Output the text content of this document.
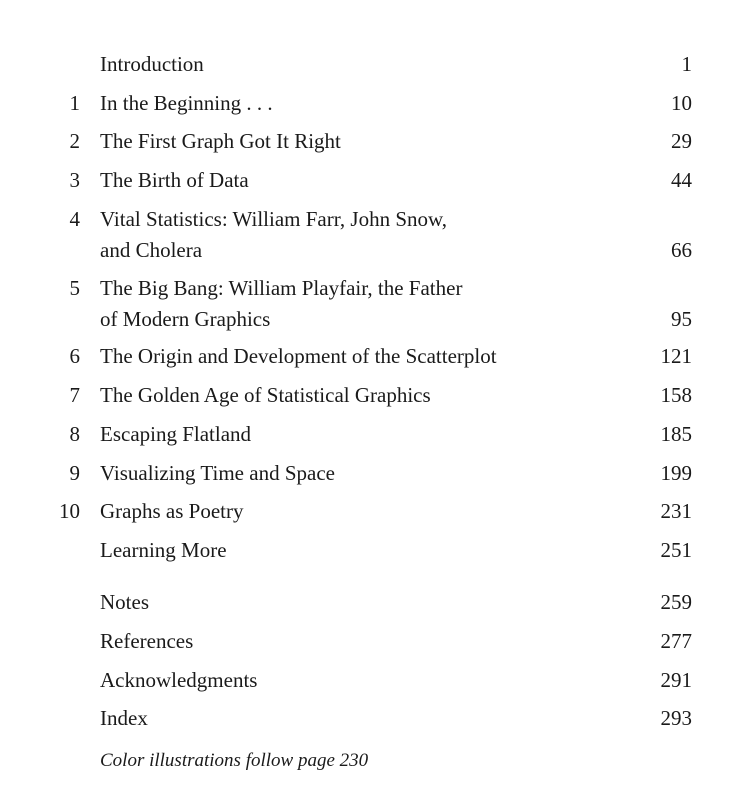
Introduction	1
1 In the Beginning . . .	10
2 The First Graph Got It Right	29
3 The Birth of Data	44
4 Vital Statistics: William Farr, John Snow,
and Cholera	66
5 The Big Bang: William Playfair, the Father
of Modern Graphics	95
6 The Origin and Development of the Scatterplot	121
7 The Golden Age of Statistical Graphics	158
8 Escaping Flatland	185
9 Visualizing Time and Space	199
10 Graphs as Poetry	231
Learning More	251
Notes	259
References	277
Acknowledgments	291
Index	293
Color illustrations follow page 230
